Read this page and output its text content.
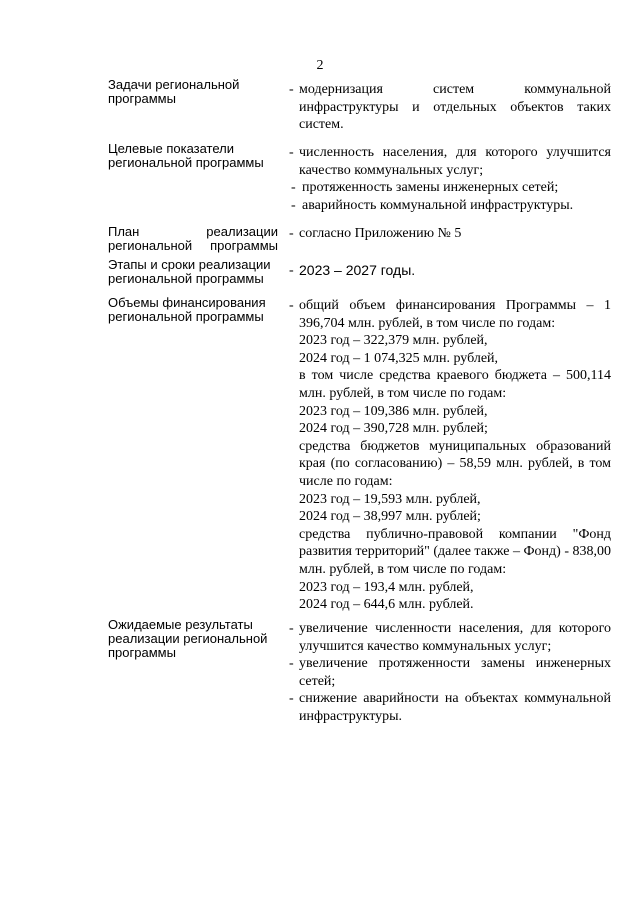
2
Задачи региональной программы
- модернизация систем коммунальной инфраструктуры и отдельных объектов таких систем.
Целевые показатели региональной программы
- численность населения, для которого улучшится качество коммунальных услуг;
- протяженность замены инженерных сетей;
- аварийность коммунальной инфраструктуры.
План реализации региональной программы
- согласно Приложению № 5
Этапы и сроки реализации региональной программы
- 2023 – 2027 годы.
Объемы финансирования региональной программы
- общий объем финансирования Программы – 1 396,704 млн. рублей, в том числе по годам:
2023 год – 322,379 млн. рублей,
2024 год – 1 074,325 млн. рублей,
в том числе средства краевого бюджета – 500,114 млн. рублей, в том числе по годам:
2023 год – 109,386 млн. рублей,
2024 год – 390,728 млн. рублей;
средства бюджетов муниципальных образований края (по согласованию) – 58,59 млн. рублей, в том числе по годам:
2023 год – 19,593 млн. рублей,
2024 год – 38,997 млн. рублей;
средства публично-правовой компании "Фонд развития территорий" (далее также – Фонд) - 838,00 млн. рублей, в том числе по годам:
2023 год – 193,4 млн. рублей,
2024 год – 644,6 млн. рублей.
Ожидаемые результаты реализации региональной программы
- увеличение численности населения, для которого улучшится качество коммунальных услуг;
- увеличение протяженности замены инженерных сетей;
- снижение аварийности на объектах коммунальной инфраструктуры.
